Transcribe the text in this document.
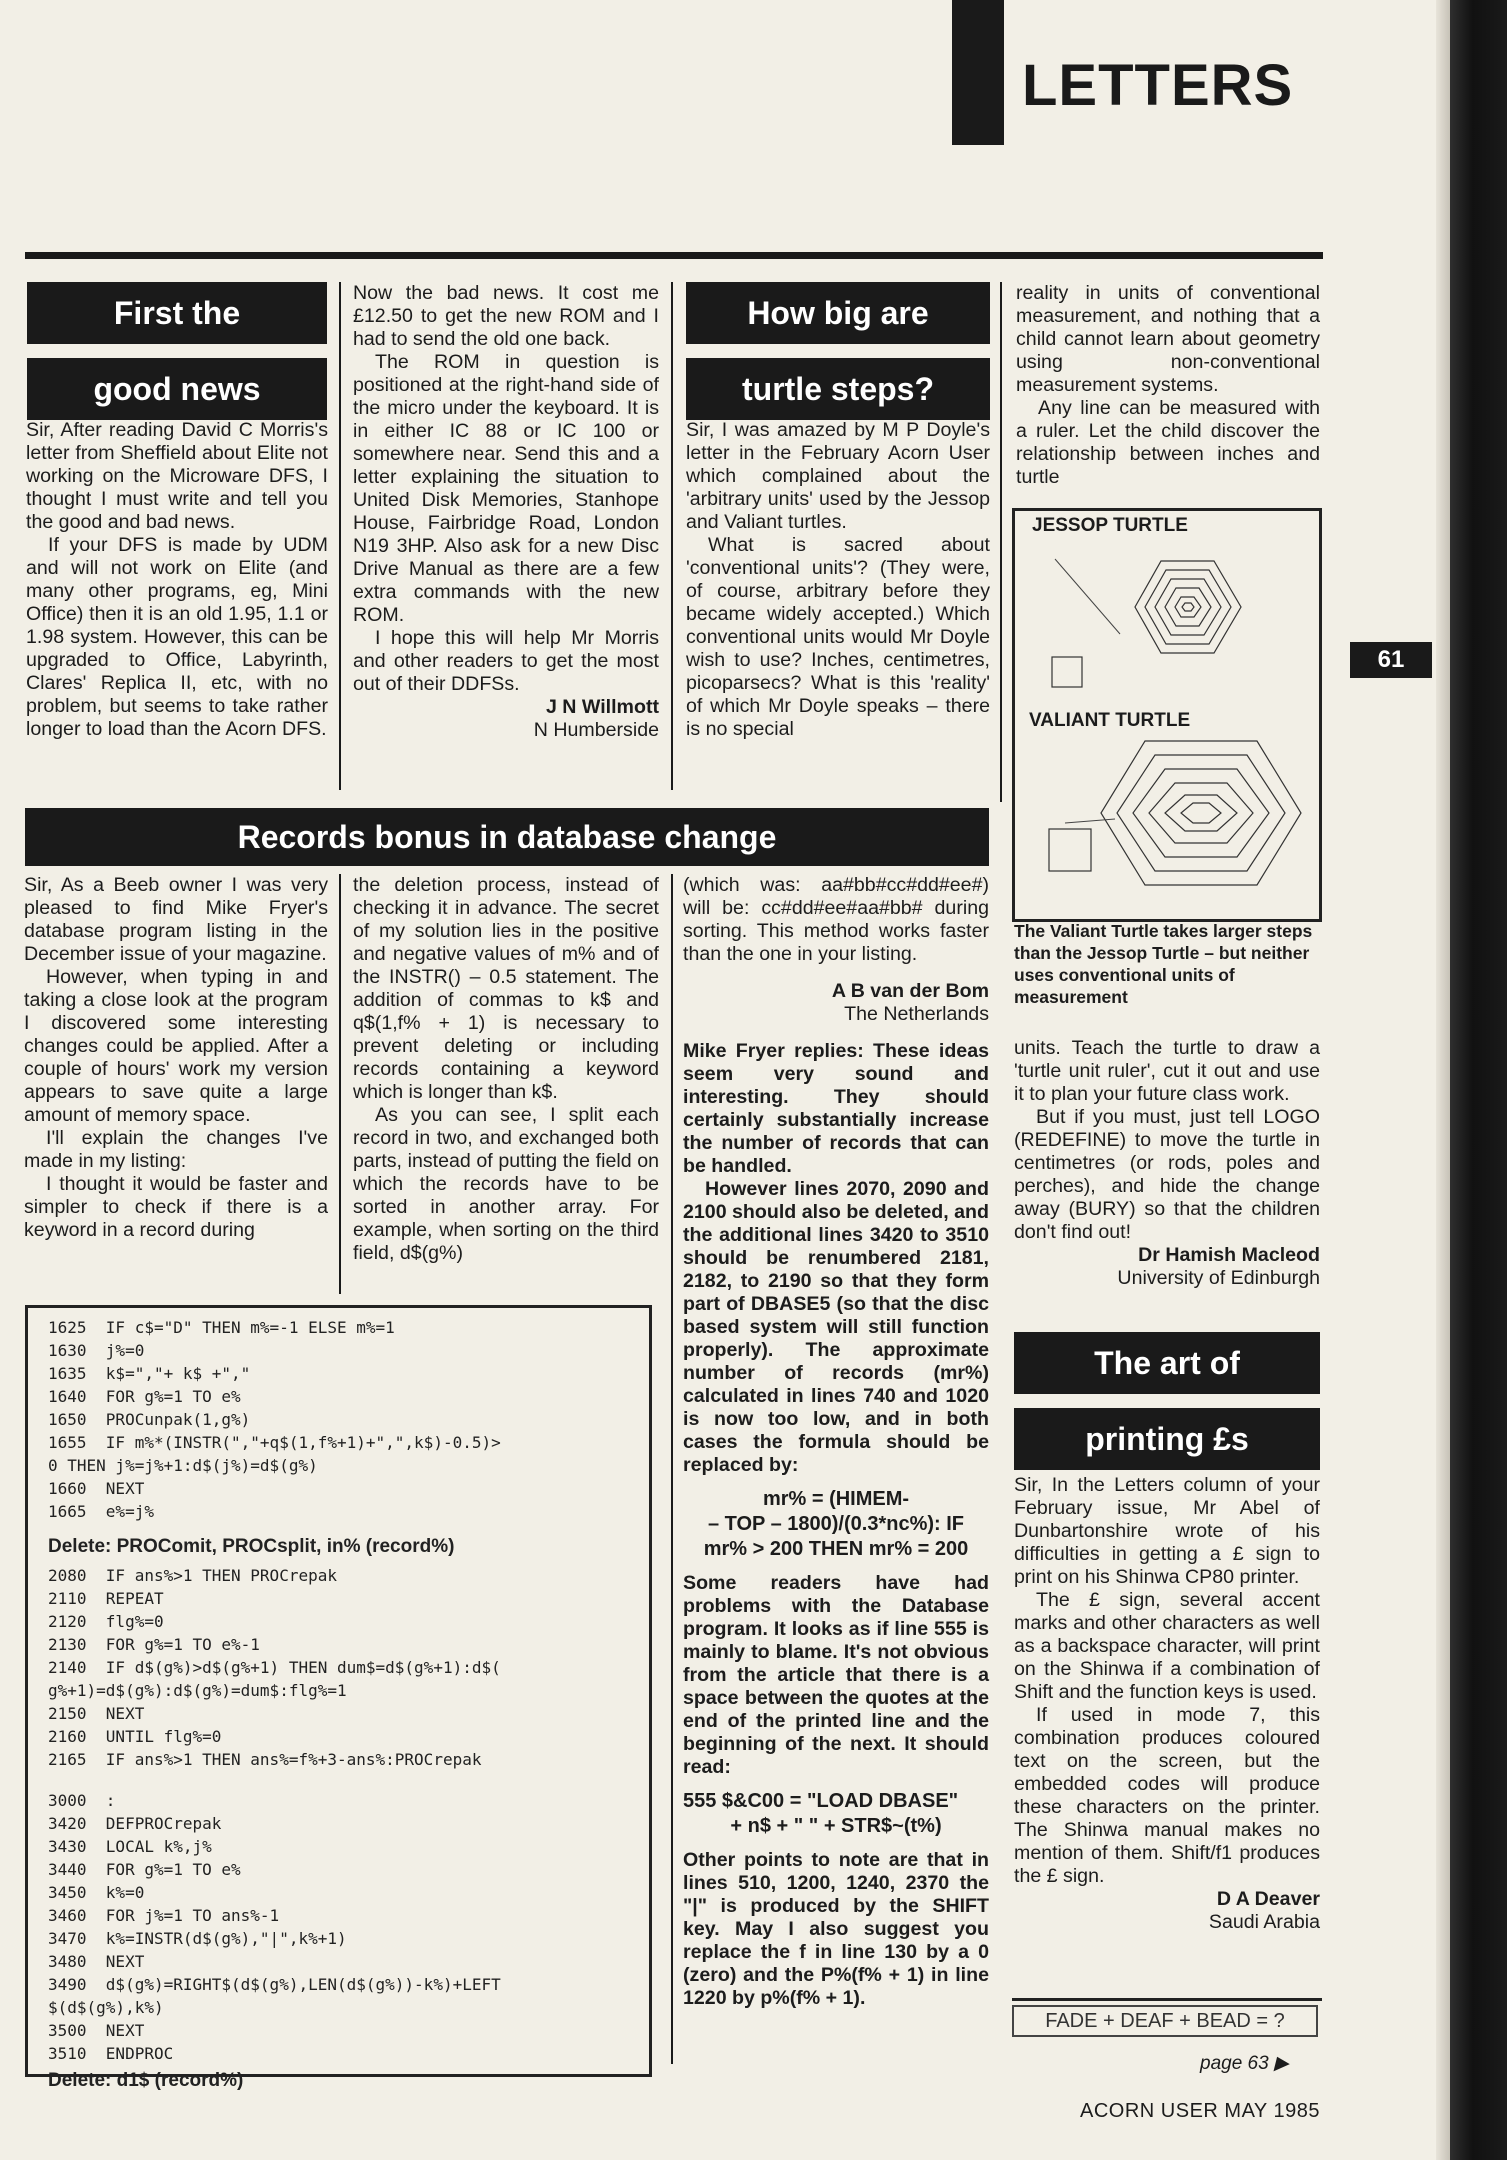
LETTERS
61
First the
good news

Sir, After reading David C Morris's letter from Sheffield about Elite not working on the Microware DFS, I thought I must write and tell you the good and bad news.

If your DFS is made by UDM and will not work on Elite (and many other programs, eg, Mini Office) then it is an old 1.95, 1.1 or 1.98 system. However, this can be upgraded to Office, Labyrinth, Clares' Replica II, etc, with no problem, but seems to take rather longer to load than the Acorn DFS.

Now the bad news. It cost me £12.50 to get the new ROM and I had to send the old one back.

The ROM in question is positioned at the right-hand side of the micro under the keyboard. It is in either IC 88 or IC 100 or somewhere near. Send this and a letter explaining the situation to United Disk Memories, Stanhope House, Fairbridge Road, London N19 3HP. Also ask for a new Disc Drive Manual as there are a few extra commands with the new ROM.

I hope this will help Mr Morris and other readers to get the most out of their DDFSs.

J N Willmott
N Humberside
How big are
turtle steps?

Sir, I was amazed by M P Doyle's letter in the February Acorn User which complained about the 'arbitrary units' used by the Jessop and Valiant turtles.

What is sacred about 'conventional units'? (They were, of course, arbitrary before they became widely accepted.) Which conventional units would Mr Doyle wish to use? Inches, centimetres, picoparsecs? What is this 'reality' of which Mr Doyle speaks – there is no special

reality in units of conventional measurement, and nothing that a child cannot learn about geometry using non-conventional measurement systems.

Any line can be measured with a ruler. Let the child discover the relationship between inches and turtle

JESSOP TURTLE
VALIANT TURTLE
The Valiant Turtle takes larger steps than the Jessop Turtle – but neither uses conventional units of measurement

units. Teach the turtle to draw a 'turtle unit ruler', cut it out and use it to plan your future class work.

But if you must, just tell LOGO (REDEFINE) to move the turtle in centimetres (or rods, poles and perches), and hide the change away (BURY) so that the children don't find out!

Dr Hamish Macleod
University of Edinburgh
Records bonus in database change

Sir, As a Beeb owner I was very pleased to find Mike Fryer's database program listing in the December issue of your magazine.

However, when typing in and taking a close look at the program I discovered some interesting changes could be applied. After a couple of hours' work my version appears to save quite a large amount of memory space.

I'll explain the changes I've made in my listing:

I thought it would be faster and simpler to check if there is a keyword in a record during

the deletion process, instead of checking it in advance. The secret of my solution lies in the positive and negative values of m% and of the INSTR() – 0.5 statement. The addition of commas to k$ and q$(1,f% + 1) is necessary to prevent deleting or including records containing a keyword which is longer than k$.

As you can see, I split each record in two, and exchanged both parts, instead of putting the field on which the records have to be sorted in another array. For example, when sorting on the third field, d$(g%)

(which was: aa#bb#cc#dd#ee#) will be: cc#dd#ee#aa#bb# during sorting. This method works faster than the one in your listing.

A B van der Bom
The Netherlands

Mike Fryer replies: These ideas seem very sound and interesting. They should certainly substantially increase the number of records that can be handled.

However lines 2070, 2090 and 2100 should also be deleted, and the additional lines 3420 to 3510 should be renumbered 2181, 2182, to 2190 so that they form part of DBASE5 (so that the disc based system will still function properly). The approximate number of records (mr%) calculated in lines 740 and 1020 is now too low, and in both cases the formula should be replaced by:

mr% = (HIMEM-
– TOP – 1800)/(0.3*nc%): IF
mr% > 200 THEN mr% = 200

Some readers have had problems with the Database program. It looks as if line 555 is mainly to blame. It's not obvious from the article that there is a space between the quotes at the end of the printed line and the beginning of the next. It should read:

555 $&C00 = "LOAD DBASE"
+ n$ + " " + STR$~(t%)

Other points to note are that in lines 510, 1200, 1240, 2370 the "|" is produced by the SHIFT key. May I also suggest you replace the f in line 130 by a 0 (zero) and the P%(f% + 1) in line 1220 by p%(f% + 1).

1625  IF c$="D" THEN m%=-1 ELSE m%=1
1630  j%=0
1635  k$=","+ k$ +","
1640  FOR g%=1 TO e%
1650  PROCunpak(1,g%)
1655  IF m%*(INSTR(","+q$(1,f%+1)+",",k$)-0.5)>
0 THEN j%=j%+1:d$(j%)=d$(g%)
1660  NEXT
1665  e%=j%
Delete: PROComit, PROCsplit, in% (record%)
2080  IF ans%>1 THEN PROCrepak
2110  REPEAT
2120  flg%=0
2130  FOR g%=1 TO e%-1
2140  IF d$(g%)>d$(g%+1) THEN dum$=d$(g%+1):d$(
g%+1)=d$(g%):d$(g%)=dum$:flg%=1
2150  NEXT
2160  UNTIL flg%=0
2165  IF ans%>1 THEN ans%=f%+3-ans%:PROCrepak
3000  :
3420  DEFPROCrepak
3430  LOCAL k%,j%
3440  FOR g%=1 TO e%
3450  k%=0
3460  FOR j%=1 TO ans%-1
3470  k%=INSTR(d$(g%),"|",k%+1)
3480  NEXT
3490  d$(g%)=RIGHT$(d$(g%),LEN(d$(g%))-k%)+LEFT
$(d$(g%),k%)
3500  NEXT
3510  ENDPROC
Delete: d1$ (record%)
The art of
printing £s

Sir, In the Letters column of your February issue, Mr Abel of Dunbartonshire wrote of his difficulties in getting a £ sign to print on his Shinwa CP80 printer.

The £ sign, several accent marks and other characters as well as a backspace character, will print on the Shinwa if a combination of Shift and the function keys is used.

If used in mode 7, this combination produces coloured text on the screen, but the embedded codes will produce these characters on the printer. The Shinwa manual makes no mention of them. Shift/f1 produces the £ sign.

D A Deaver
Saudi Arabia
FADE + DEAF + BEAD = ?
page 63 ▶
ACORN USER MAY 1985
